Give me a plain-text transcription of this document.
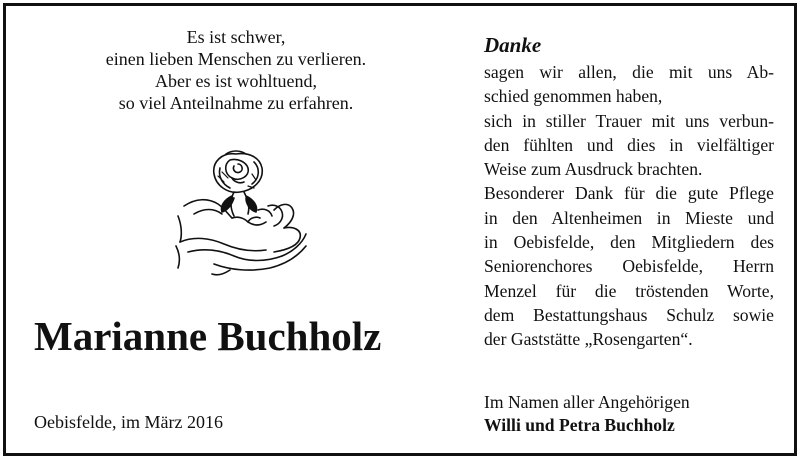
Es ist schwer,
einen lieben Menschen zu verlieren.
Aber es ist wohltuend,
so viel Anteilnahme zu erfahren.
Marianne Buchholz
Oebisfelde, im März 2016
Danke
sagen wir allen, die mit uns Ab-
schied genommen haben,
sich in stiller Trauer mit uns verbun-
den fühlten und dies in vielfältiger
Weise zum Ausdruck brachten.
Besonderer Dank für die gute Pflege
in den Altenheimen in Mieste und
in Oebisfelde, den Mitgliedern des
Seniorenchores Oebisfelde, Herrn
Menzel für die tröstenden Worte,
dem Bestattungshaus Schulz sowie
der Gaststätte „Rosengarten“.
Im Namen aller Angehörigen
Willi und Petra Buchholz
